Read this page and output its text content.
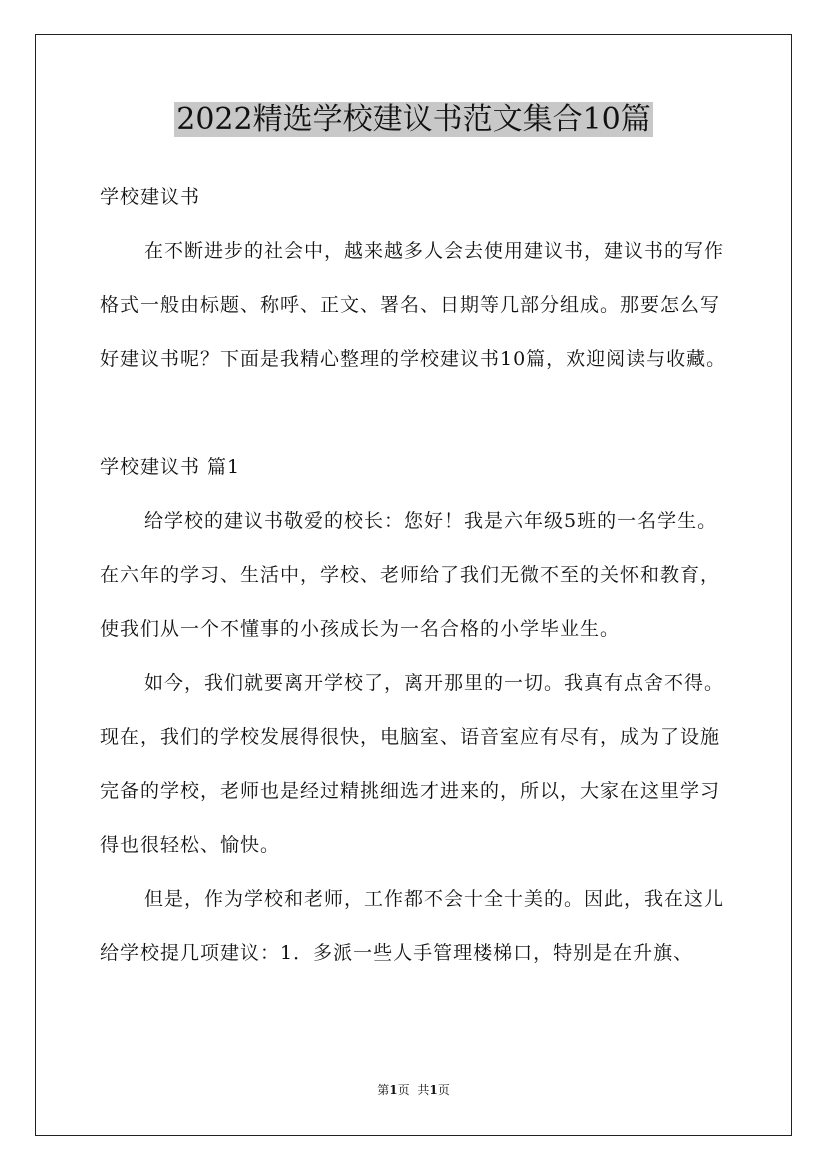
2022精选学校建议书范文集合10篇

学校建议书

在不断进步的社会中，越来越多人会去使用建议书，建议书的写作格式一般由标题、称呼、正文、署名、日期等几部分组成。那要怎么写好建议书呢？下面是我精心整理的学校建议书10篇，欢迎阅读与收藏。

学校建议书 篇1

给学校的建议书敬爱的校长：您好！我是六年级5班的一名学生。在六年的学习、生活中，学校、老师给了我们无微不至的关怀和教育，使我们从一个不懂事的小孩成长为一名合格的小学毕业生。

如今，我们就要离开学校了，离开那里的一切。我真有点舍不得。现在，我们的学校发展得很快，电脑室、语音室应有尽有，成为了设施完备的学校，老师也是经过精挑细选才进来的，所以，大家在这里学习得也很轻松、愉快。

但是，作为学校和老师，工作都不会十全十美的。因此，我在这儿给学校提几项建议：1．多派一些人手管理楼梯口，特别是在升旗、

第1页 共1页
